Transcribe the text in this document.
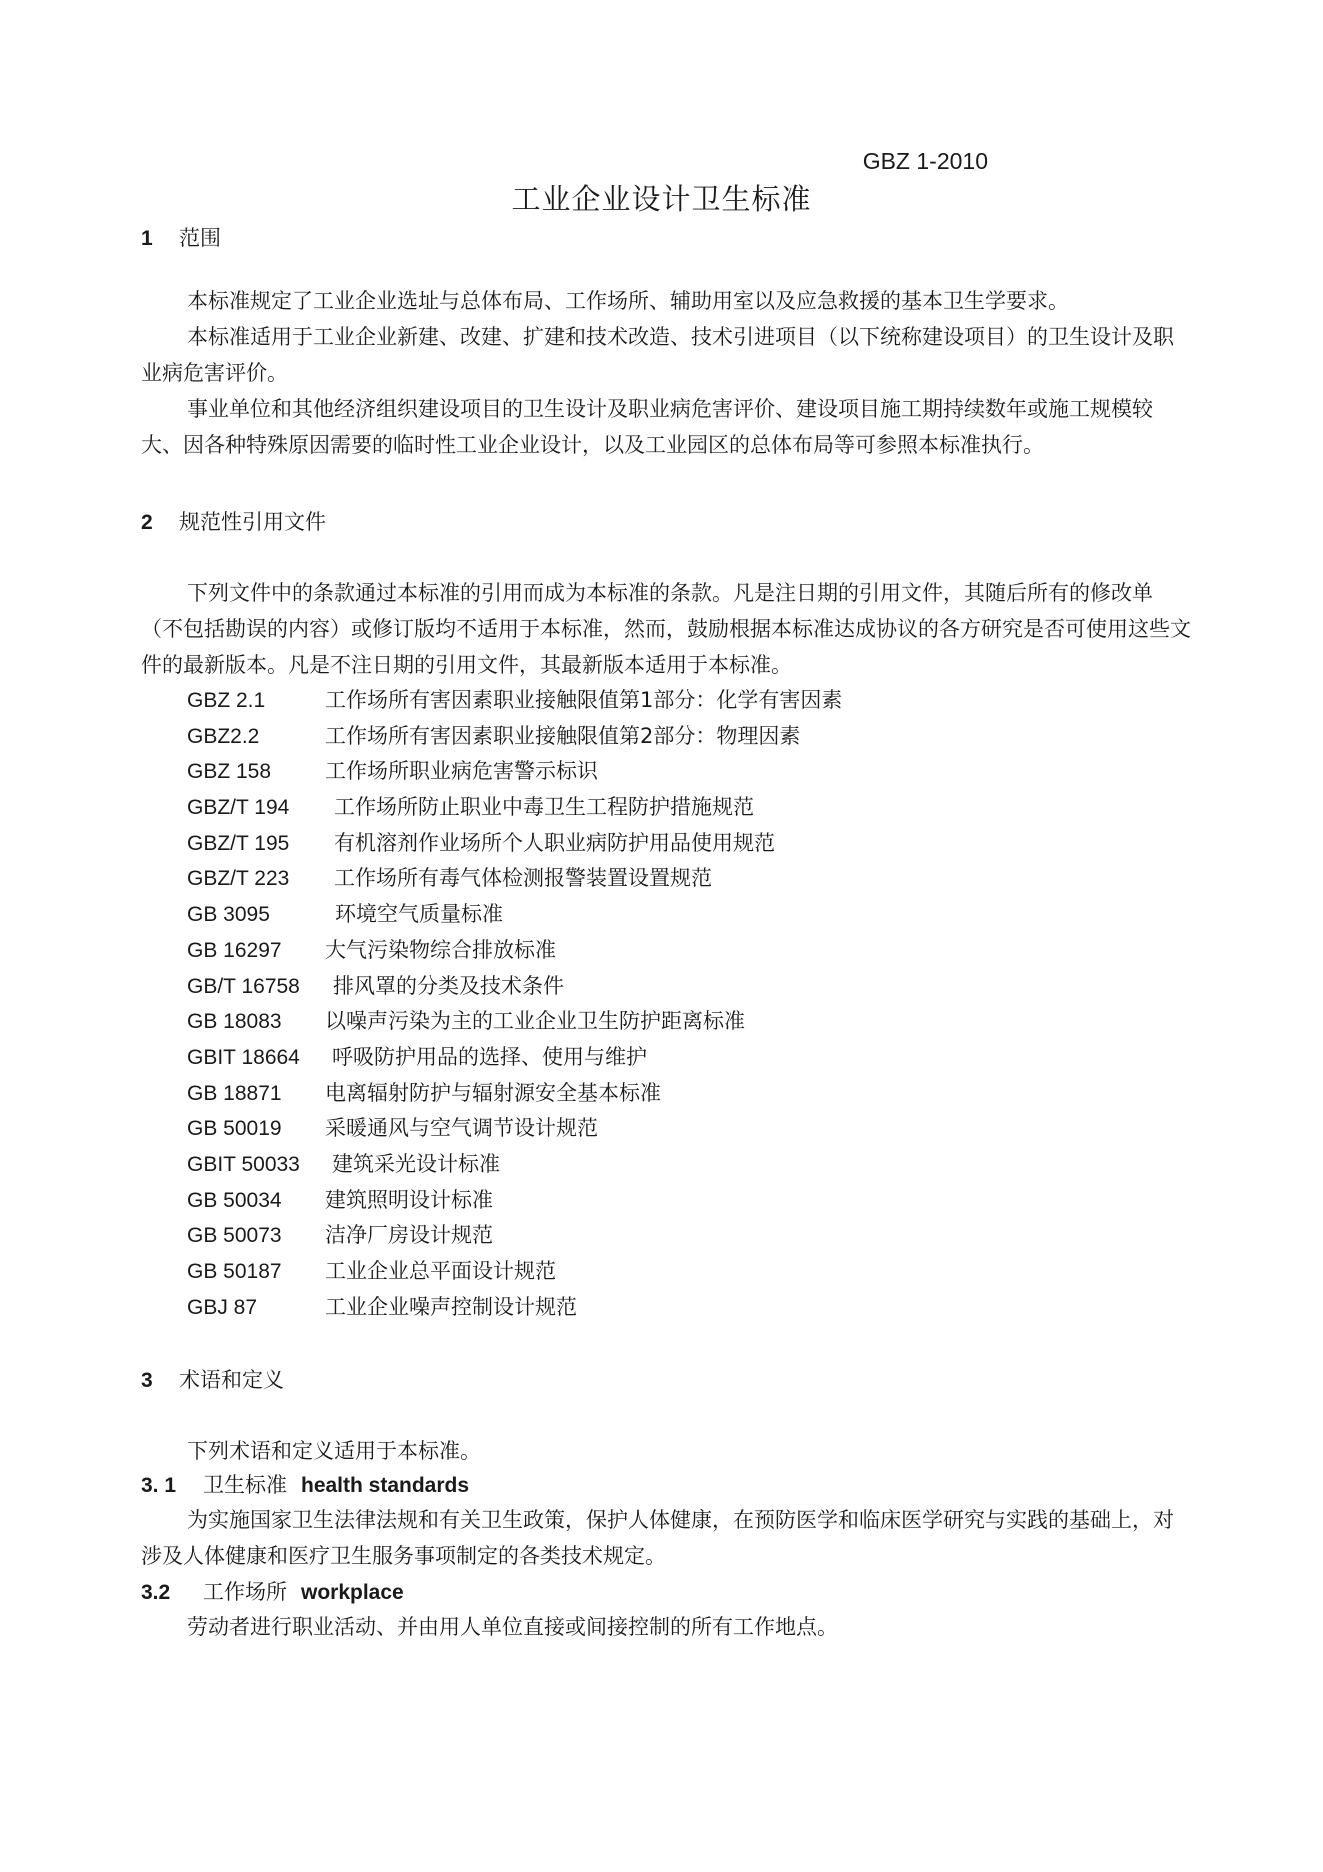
GBZ 1-2010
工业企业设计卫生标准
1 范围
本标准规定了工业企业选址与总体布局、工作场所、辅助用室以及应急救援的基本卫生学要求。
本标准适用于工业企业新建、改建、扩建和技术改造、技术引进项目（以下统称建设项目）的卫生设计及职业病危害评价。
事业单位和其他经济组织建设项目的卫生设计及职业病危害评价、建设项目施工期持续数年或施工规模较大、因各种特殊原因需要的临时性工业企业设计，以及工业园区的总体布局等可参照本标准执行。
2 规范性引用文件
下列文件中的条款通过本标准的引用而成为本标准的条款。凡是注日期的引用文件，其随后所有的修改单（不包括勘误的内容）或修订版均不适用于本标准，然而，鼓励根据本标准达成协议的各方研究是否可使用这些文件的最新版本。凡是不注日期的引用文件，其最新版本适用于本标准。
GBZ 2.1	工作场所有害因素职业接触限值第1部分：化学有害因素
GBZ2.2	工作场所有害因素职业接触限值第2部分：物理因素
GBZ 158	工作场所职业病危害警示标识
GBZ/T 194	工作场所防止职业中毒卫生工程防护措施规范
GBZ/T 195	有机溶剂作业场所个人职业病防护用品使用规范
GBZ/T 223	工作场所有毒气体检测报警装置设置规范
GB 3095	环境空气质量标准
GB 16297	大气污染物综合排放标准
GB/T 16758	排风罩的分类及技术条件
GB 18083	以噪声污染为主的工业企业卫生防护距离标准
GBIT 18664	呼吸防护用品的选择、使用与维护
GB 18871	电离辐射防护与辐射源安全基本标准
GB 50019	采暖通风与空气调节设计规范
GBIT 50033	建筑采光设计标准
GB 50034	建筑照明设计标准
GB 50073	洁净厂房设计规范
GB 50187	工业企业总平面设计规范
GBJ 87	工业企业噪声控制设计规范
3 术语和定义
下列术语和定义适用于本标准。
3. 1 卫生标准 health standards
为实施国家卫生法律法规和有关卫生政策，保护人体健康，在预防医学和临床医学研究与实践的基础上，对涉及人体健康和医疗卫生服务事项制定的各类技术规定。
3.2 工作场所 workplace
劳动者进行职业活动、并由用人单位直接或间接控制的所有工作地点。
